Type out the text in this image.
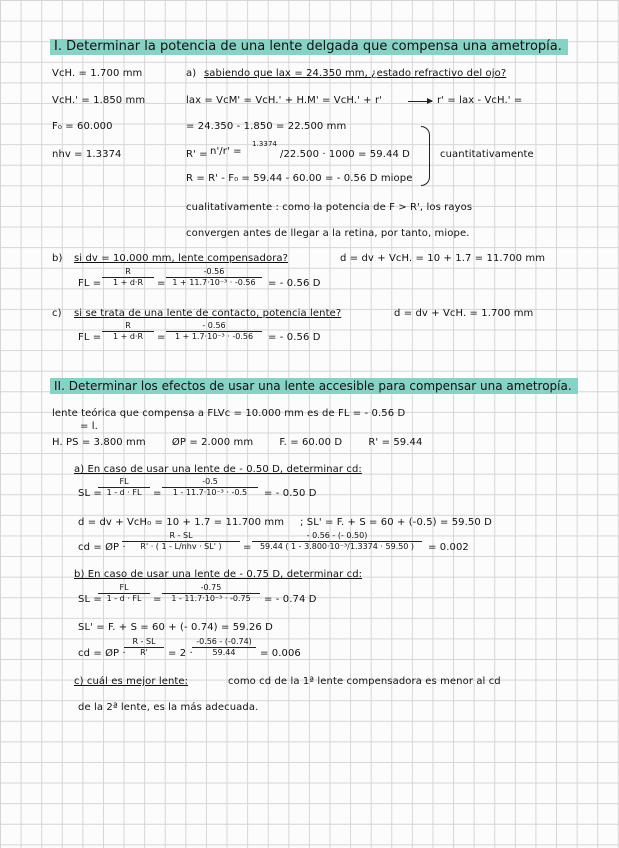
I. Determinar la potencia de una lente delgada que compensa una ametropía.
VcH. = 1.700 mm
VcH.' = 1.850 mm
F₀ = 60.000
nhv = 1.3374
a) sabiendo que lax = 24.350 mm, ¿estado refractivo del ojo?
lax = VcM' = VcH.' + H.M' = VcH.' + r'	r' = lax - VcH.' =
= 24.350 - 1.850 = 22.500 mm
R' = n'/r' =
1.3374
/22.500 · 1000 = 59.44 D
R = R' - F₀ = 59.44 - 60.00 = - 0.56 D miope
cuantitativamente
cualitativamente : como la potencia de F > R', los rayos
convergen antes de llegar a la retina, por tanto, miope.
b) si dv = 10.000 mm, lente compensadora?	d = dv + VcH. = 10 + 1.7 = 11.700 mm
FL =
R
1 + d·R	=
-0.56
1 + 11.7·10⁻³ · -0.56	= - 0.56 D
c) si se trata de una lente de contacto, potencia lente?	d = dv + VcH. = 1.700 mm
FL =
R
1 + d·R	=
- 0.56
1 + 1.7·10⁻³ · -0.56	= - 0.56 D
II. Determinar los efectos de usar una lente accesible para compensar una ametropía.
lente teórica que compensa a FLVc = 10.000 mm es de FL = - 0.56 D
= l.
H. PS = 3.800 mm        ØP = 2.000 mm        F. = 60.00 D        R' = 59.44
a) En caso de usar una lente de - 0.50 D, determinar cd:
SL =
FL
1 - d · FL	=
-0.5
1 - 11.7·10⁻³ · -0.5	= - 0.50 D
d = dv + VcH₀ = 10 + 1.7 = 11.700 mm ; SL' = F. + S = 60 + (-0.5) = 59.50 D
cd = ØP ·
R - SL
R' · ( 1 - L/nhv · SL' )	=
- 0.56 - (- 0.50)
59.44 ( 1 - 3.800·10⁻³/1.3374 · 59.50 )	= 0.002
b) En caso de usar una lente de - 0.75 D, determinar cd:
SL =
FL
1 - d · FL	=
-0.75
1 - 11.7·10⁻³ · -0.75	= - 0.74 D
SL' = F. + S = 60 + (- 0.74) = 59.26 D
cd = ØP ·
R - SL
R'	= 2 ·
-0.56 - (-0.74)
59.44	= 0.006
c) cuál es mejor lente:	como cd de la 1ª lente compensadora es menor al cd
de la 2ª lente, es la más adecuada.
